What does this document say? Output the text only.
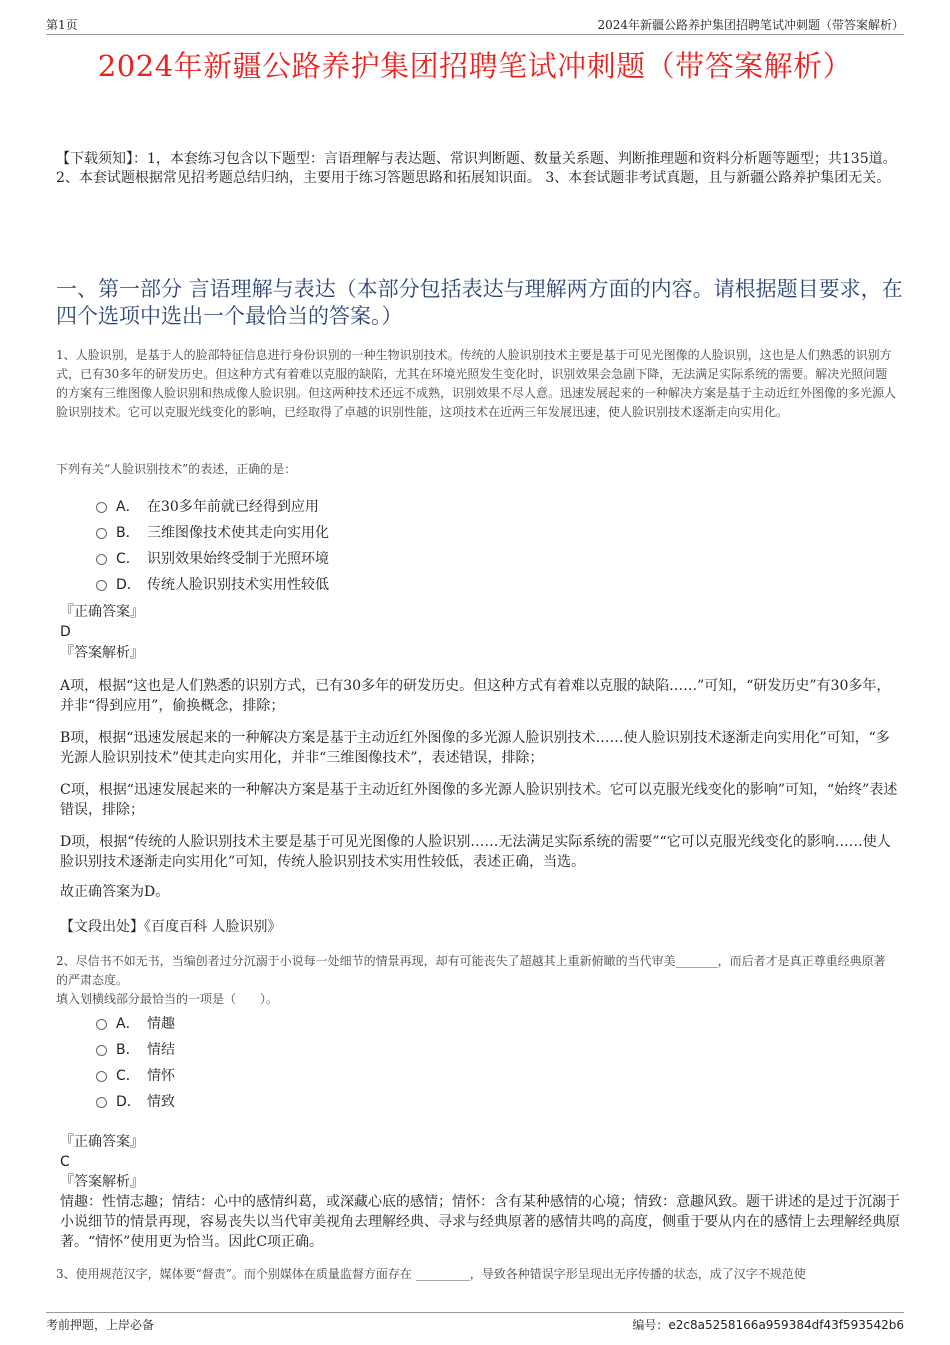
第1页	2024年新疆公路养护集团招聘笔试冲刺题（带答案解析）
2024年新疆公路养护集团招聘笔试冲刺题（带答案解析）
【下载须知】：1，本套练习包含以下题型：言语理解与表达题、常识判断题、数量关系题、判断推理题和资料分析题等题型；共135道。 2、本套试题根据常见招考题总结归纳，主要用于练习答题思路和拓展知识面。 3、本套试题非考试真题，且与新疆公路养护集团无关。
一、第一部分 言语理解与表达（本部分包括表达与理解两方面的内容。请根据题目要求，在四个选项中选出一个最恰当的答案。）
1、人脸识别，是基于人的脸部特征信息进行身份识别的一种生物识别技术。传统的人脸识别技术主要是基于可见光图像的人脸识别，这也是人们熟悉的识别方式，已有30多年的研发历史。但这种方式有着难以克服的缺陷，尤其在环境光照发生变化时，识别效果会急剧下降，无法满足实际系统的需要。解决光照问题的方案有三维图像人脸识别和热成像人脸识别。但这两种技术还远不成熟，识别效果不尽人意。迅速发展起来的一种解决方案是基于主动近红外图像的多光源人脸识别技术。它可以克服光线变化的影响，已经取得了卓越的识别性能，这项技术在近两三年发展迅速，使人脸识别技术逐渐走向实用化。
下列有关“人脸识别技术”的表述，正确的是：
A． 在30多年前就已经得到应用
B． 三维图像技术使其走向实用化
C． 识别效果始终受制于光照环境
D． 传统人脸识别技术实用性较低
『正确答案』
D
『答案解析』
A项，根据“这也是人们熟悉的识别方式，已有30多年的研发历史。但这种方式有着难以克服的缺陷……”可知，“研发历史”有30多年，并非“得到应用”，偷换概念，排除；
B项，根据“迅速发展起来的一种解决方案是基于主动近红外图像的多光源人脸识别技术……使人脸识别技术逐渐走向实用化”可知，“多光源人脸识别技术”使其走向实用化，并非“三维图像技术”，表述错误，排除；
C项，根据“迅速发展起来的一种解决方案是基于主动近红外图像的多光源人脸识别技术。它可以克服光线变化的影响”可知，“始终”表述错误，排除；
D项，根据“传统的人脸识别技术主要是基于可见光图像的人脸识别……无法满足实际系统的需要”“它可以克服光线变化的影响……使人脸识别技术逐渐走向实用化”可知，传统人脸识别技术实用性较低，表述正确，当选。
故正确答案为D。
【文段出处】《百度百科 人脸识别》
2、尽信书不如无书，当编创者过分沉溺于小说每一处细节的情景再现，却有可能丧失了超越其上重新俯瞰的当代审美_______，而后者才是真正尊重经典原著的严肃态度。
填入划横线部分最恰当的一项是（　　）。
A． 情趣
B． 情结
C． 情怀
D． 情致
『正确答案』
C
『答案解析』
情趣：性情志趣；情结：心中的感情纠葛，或深藏心底的感情；情怀：含有某种感情的心境；情致：意趣风致。题干讲述的是过于沉溺于小说细节的情景再现，容易丧失以当代审美视角去理解经典、寻求与经典原著的感情共鸣的高度，侧重于要从内在的感情上去理解经典原著。“情怀”使用更为恰当。因此C项正确。
3、使用规范汉字，媒体要“督责”。而个别媒体在质量监督方面存在 _________，导致各种错误字形呈现出无序传播的状态，成了汉字不规范使
考前押题，上岸必备	编号：e2c8a5258166a959384df43f593542b6
